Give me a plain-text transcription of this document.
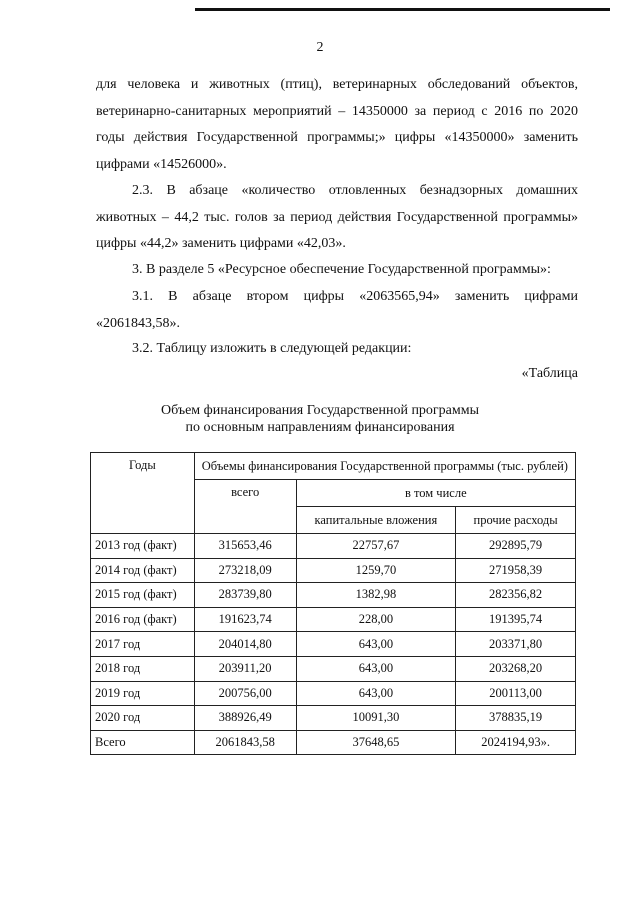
2

для человека и животных (птиц), ветеринарных обследований объектов, ветеринарно-санитарных мероприятий – 14350000 за период с 2016 по 2020 годы действия Государственной программы;» цифры «14350000» заменить цифрами «14526000».

2.3. В абзаце «количество отловленных безнадзорных домашних животных – 44,2 тыс. голов за период действия Государственной программы» цифры «44,2» заменить цифрами «42,03».

3. В разделе 5 «Ресурсное обеспечение Государственной программы»:

3.1. В абзаце втором цифры «2063565,94» заменить цифрами «2061843,58».

3.2. Таблицу изложить в следующей редакции:

«Таблица
Объем финансирования Государственной программы
по основным направлениям финансирования
Годы	Объемы финансирования Государственной программы (тыс. рублей)		
	всего	в том числе	
		капитальные вложения	прочие расходы
2013 год (факт)	315653,46	22757,67	292895,79
2014 год (факт)	273218,09	1259,70	271958,39
2015 год (факт)	283739,80	1382,98	282356,82
2016 год (факт)	191623,74	228,00	191395,74
2017 год	204014,80	643,00	203371,80
2018 год	203911,20	643,00	203268,20
2019 год	200756,00	643,00	200113,00
2020 год	388926,49	10091,30	378835,19
Всего	2061843,58	37648,65	2024194,93».
